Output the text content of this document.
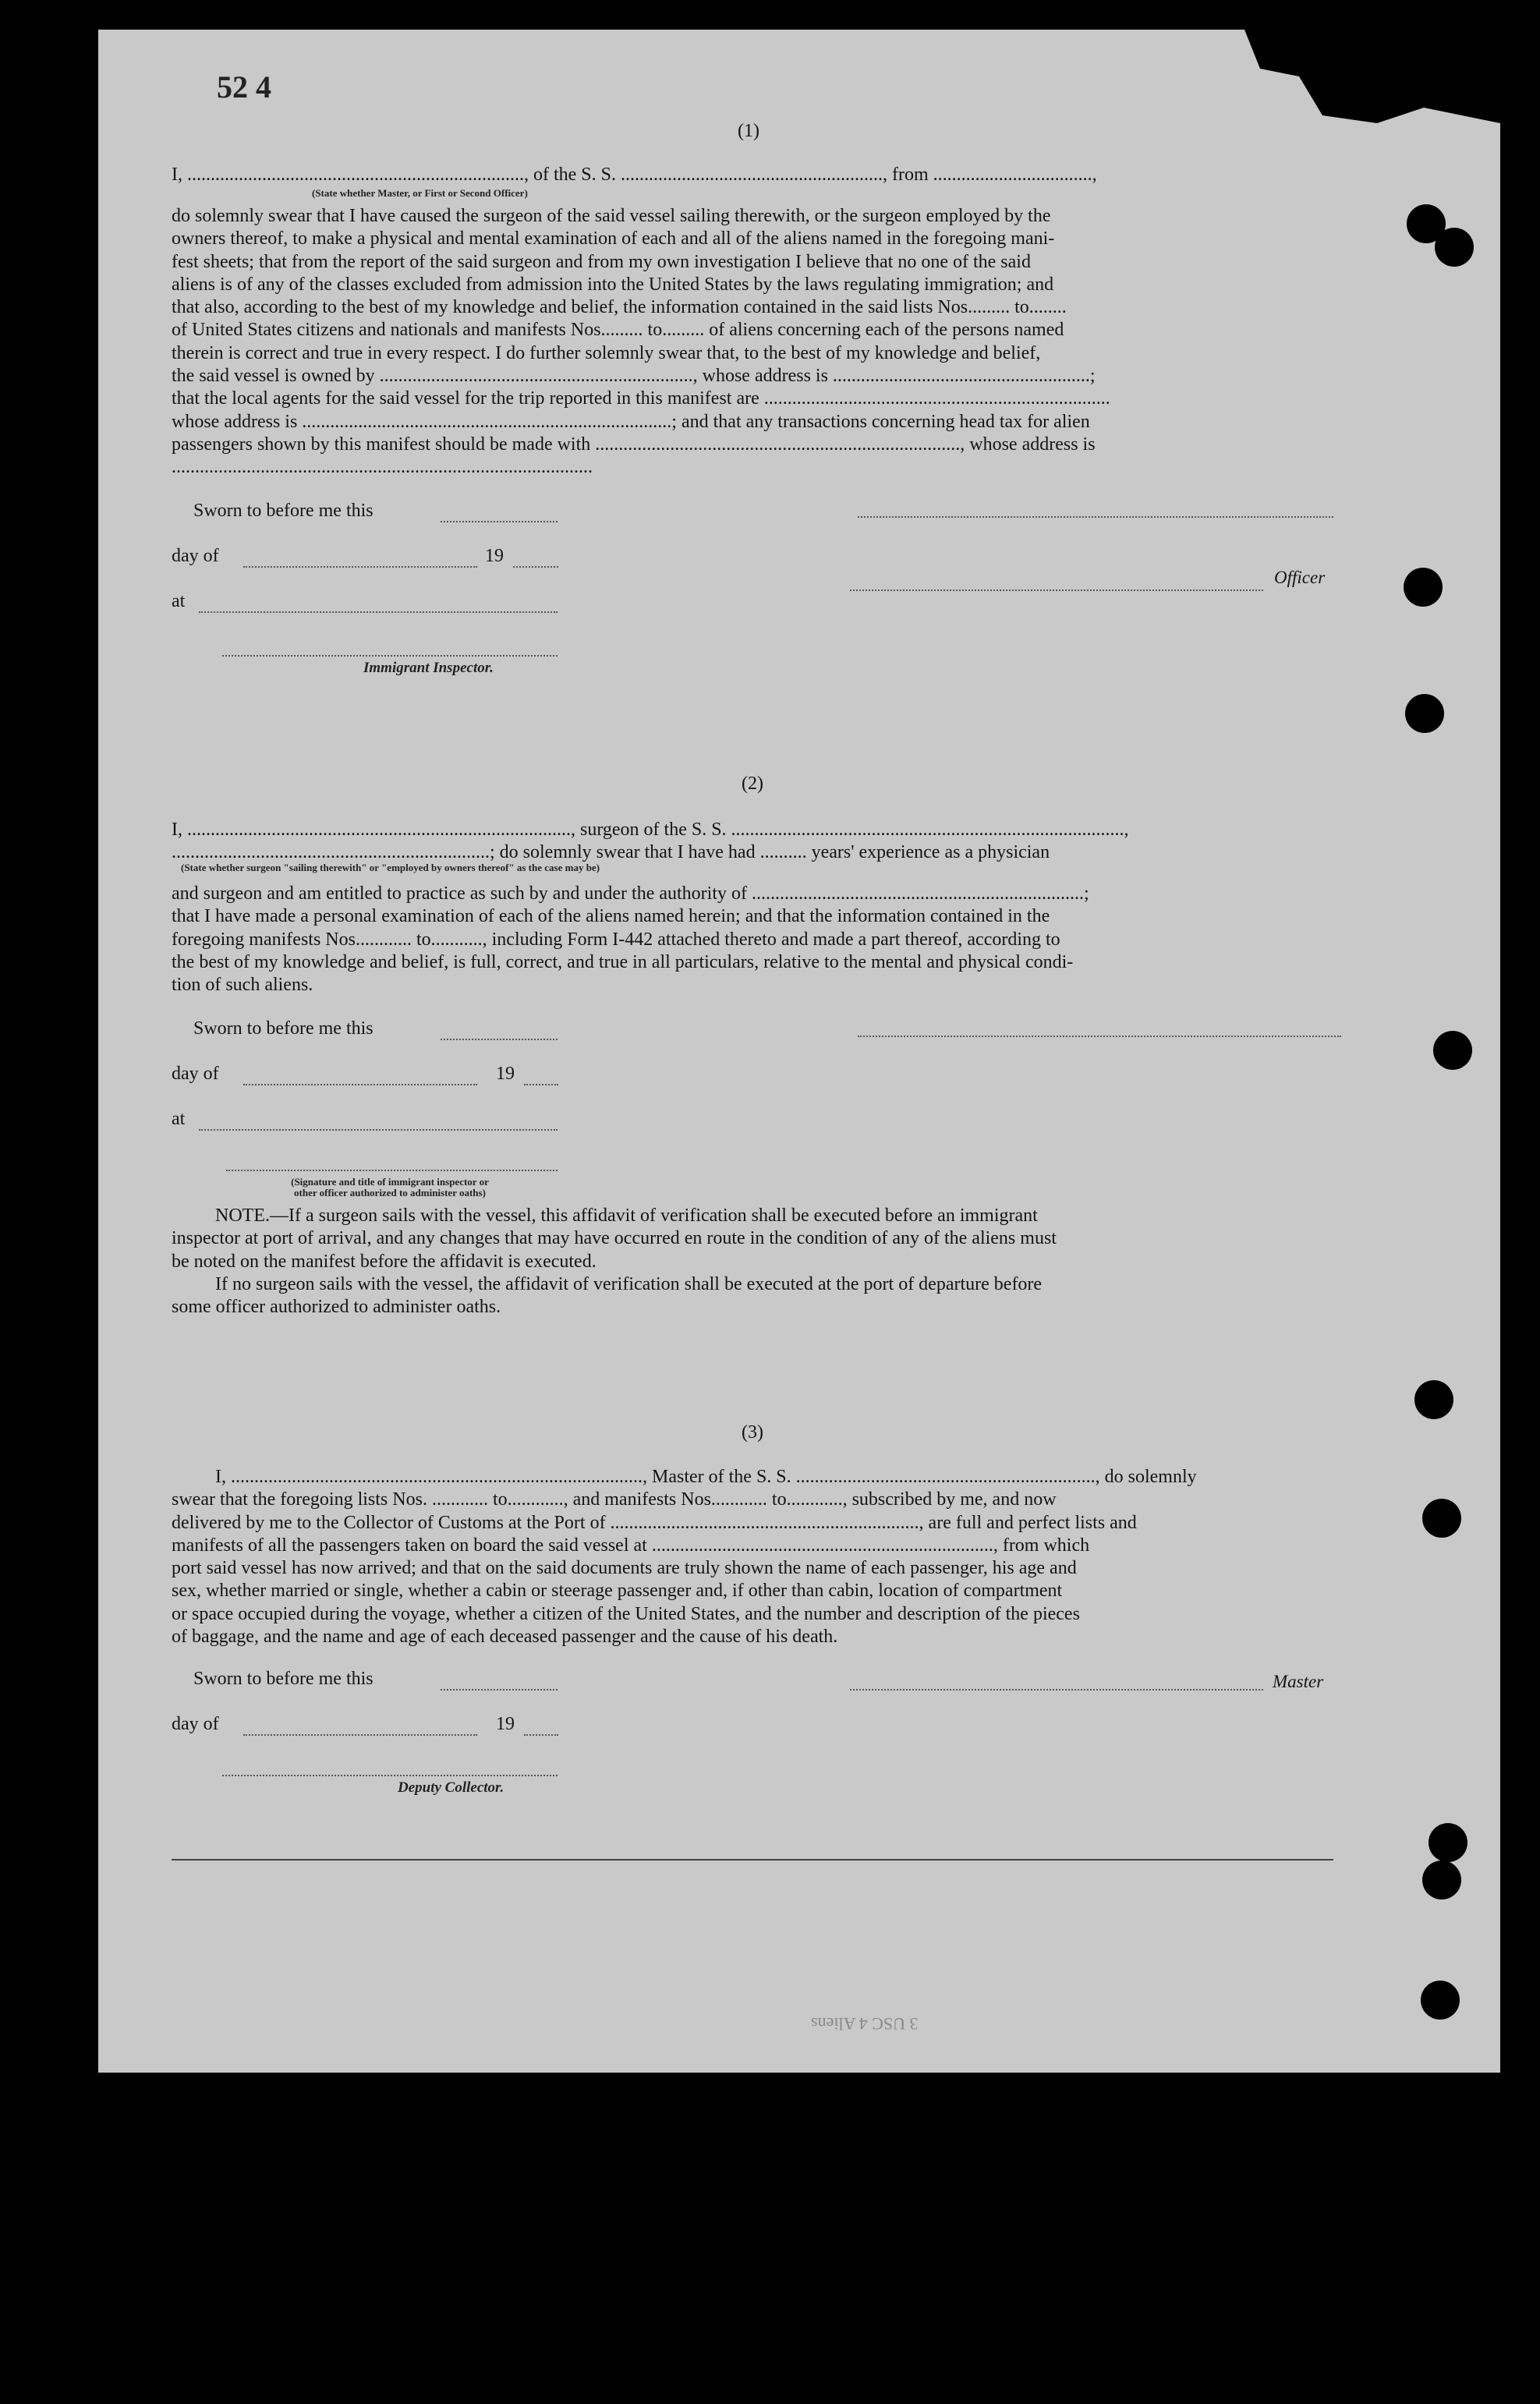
52 4
(1)
I, ........................................................................, of the S. S. ........................................................, from ..................................,
(State whether Master, or First or Second Officer)
do solemnly swear that I have caused the surgeon of the said vessel sailing therewith, or the surgeon employed by the
owners thereof, to make a physical and mental examination of each and all of the aliens named in the foregoing mani-
fest sheets; that from the report of the said surgeon and from my own investigation I believe that no one of the said
aliens is of any of the classes excluded from admission into the United States by the laws regulating immigration; and
that also, according to the best of my knowledge and belief, the information contained in the said lists Nos......... to........
of United States citizens and nationals and manifests Nos......... to......... of aliens concerning each of the persons named
therein is correct and true in every respect. I do further solemnly swear that, to the best of my knowledge and belief,
the said vessel is owned by ..................................................................., whose address is .......................................................;
that the local agents for the said vessel for the trip reported in this manifest are ..........................................................................
whose address is ...............................................................................; and that any transactions concerning head tax for alien
passengers shown by this manifest should be made with .............................................................................., whose address is
..........................................................................................
Sworn to before me this
day of	19
Officer
at
Immigrant Inspector.
(2)
I, .................................................................................., surgeon of the S. S. ....................................................................................,
....................................................................; do solemnly swear that I have had .......... years' experience as a physician
(State whether surgeon "sailing therewith" or "employed by owners thereof" as the case may be)
and surgeon and am entitled to practice as such by and under the authority of .......................................................................;
that I have made a personal examination of each of the aliens named herein; and that the information contained in the
foregoing manifests Nos............ to..........., including Form I-442 attached thereto and made a part thereof, according to
the best of my knowledge and belief, is full, correct, and true in all particulars, relative to the mental and physical condi-
tion of such aliens.
Sworn to before me this
day of	19
at
(Signature and title of immigrant inspector or
other officer authorized to administer oaths)
NOTE.—If a surgeon sails with the vessel, this affidavit of verification shall be executed before an immigrant
inspector at port of arrival, and any changes that may have occurred en route in the condition of any of the aliens must
be noted on the manifest before the affidavit is executed.
If no surgeon sails with the vessel, the affidavit of verification shall be executed at the port of departure before
some officer authorized to administer oaths.
(3)
I, ........................................................................................, Master of the S. S. ................................................................, do solemnly
swear that the foregoing lists Nos. ............ to............, and manifests Nos............ to............, subscribed by me, and now
delivered by me to the Collector of Customs at the Port of .................................................................., are full and perfect lists and
manifests of all the passengers taken on board the said vessel at ........................................................................., from which
port said vessel has now arrived; and that on the said documents are truly shown the name of each passenger, his age and
sex, whether married or single, whether a cabin or steerage passenger and, if other than cabin, location of compartment
or space occupied during the voyage, whether a citizen of the United States, and the number and description of the pieces
of baggage, and the name and age of each deceased passenger and the cause of his death.
Sworn to before me this	Master
day of	19
Deputy Collector.
3 USC 4 Aliens
